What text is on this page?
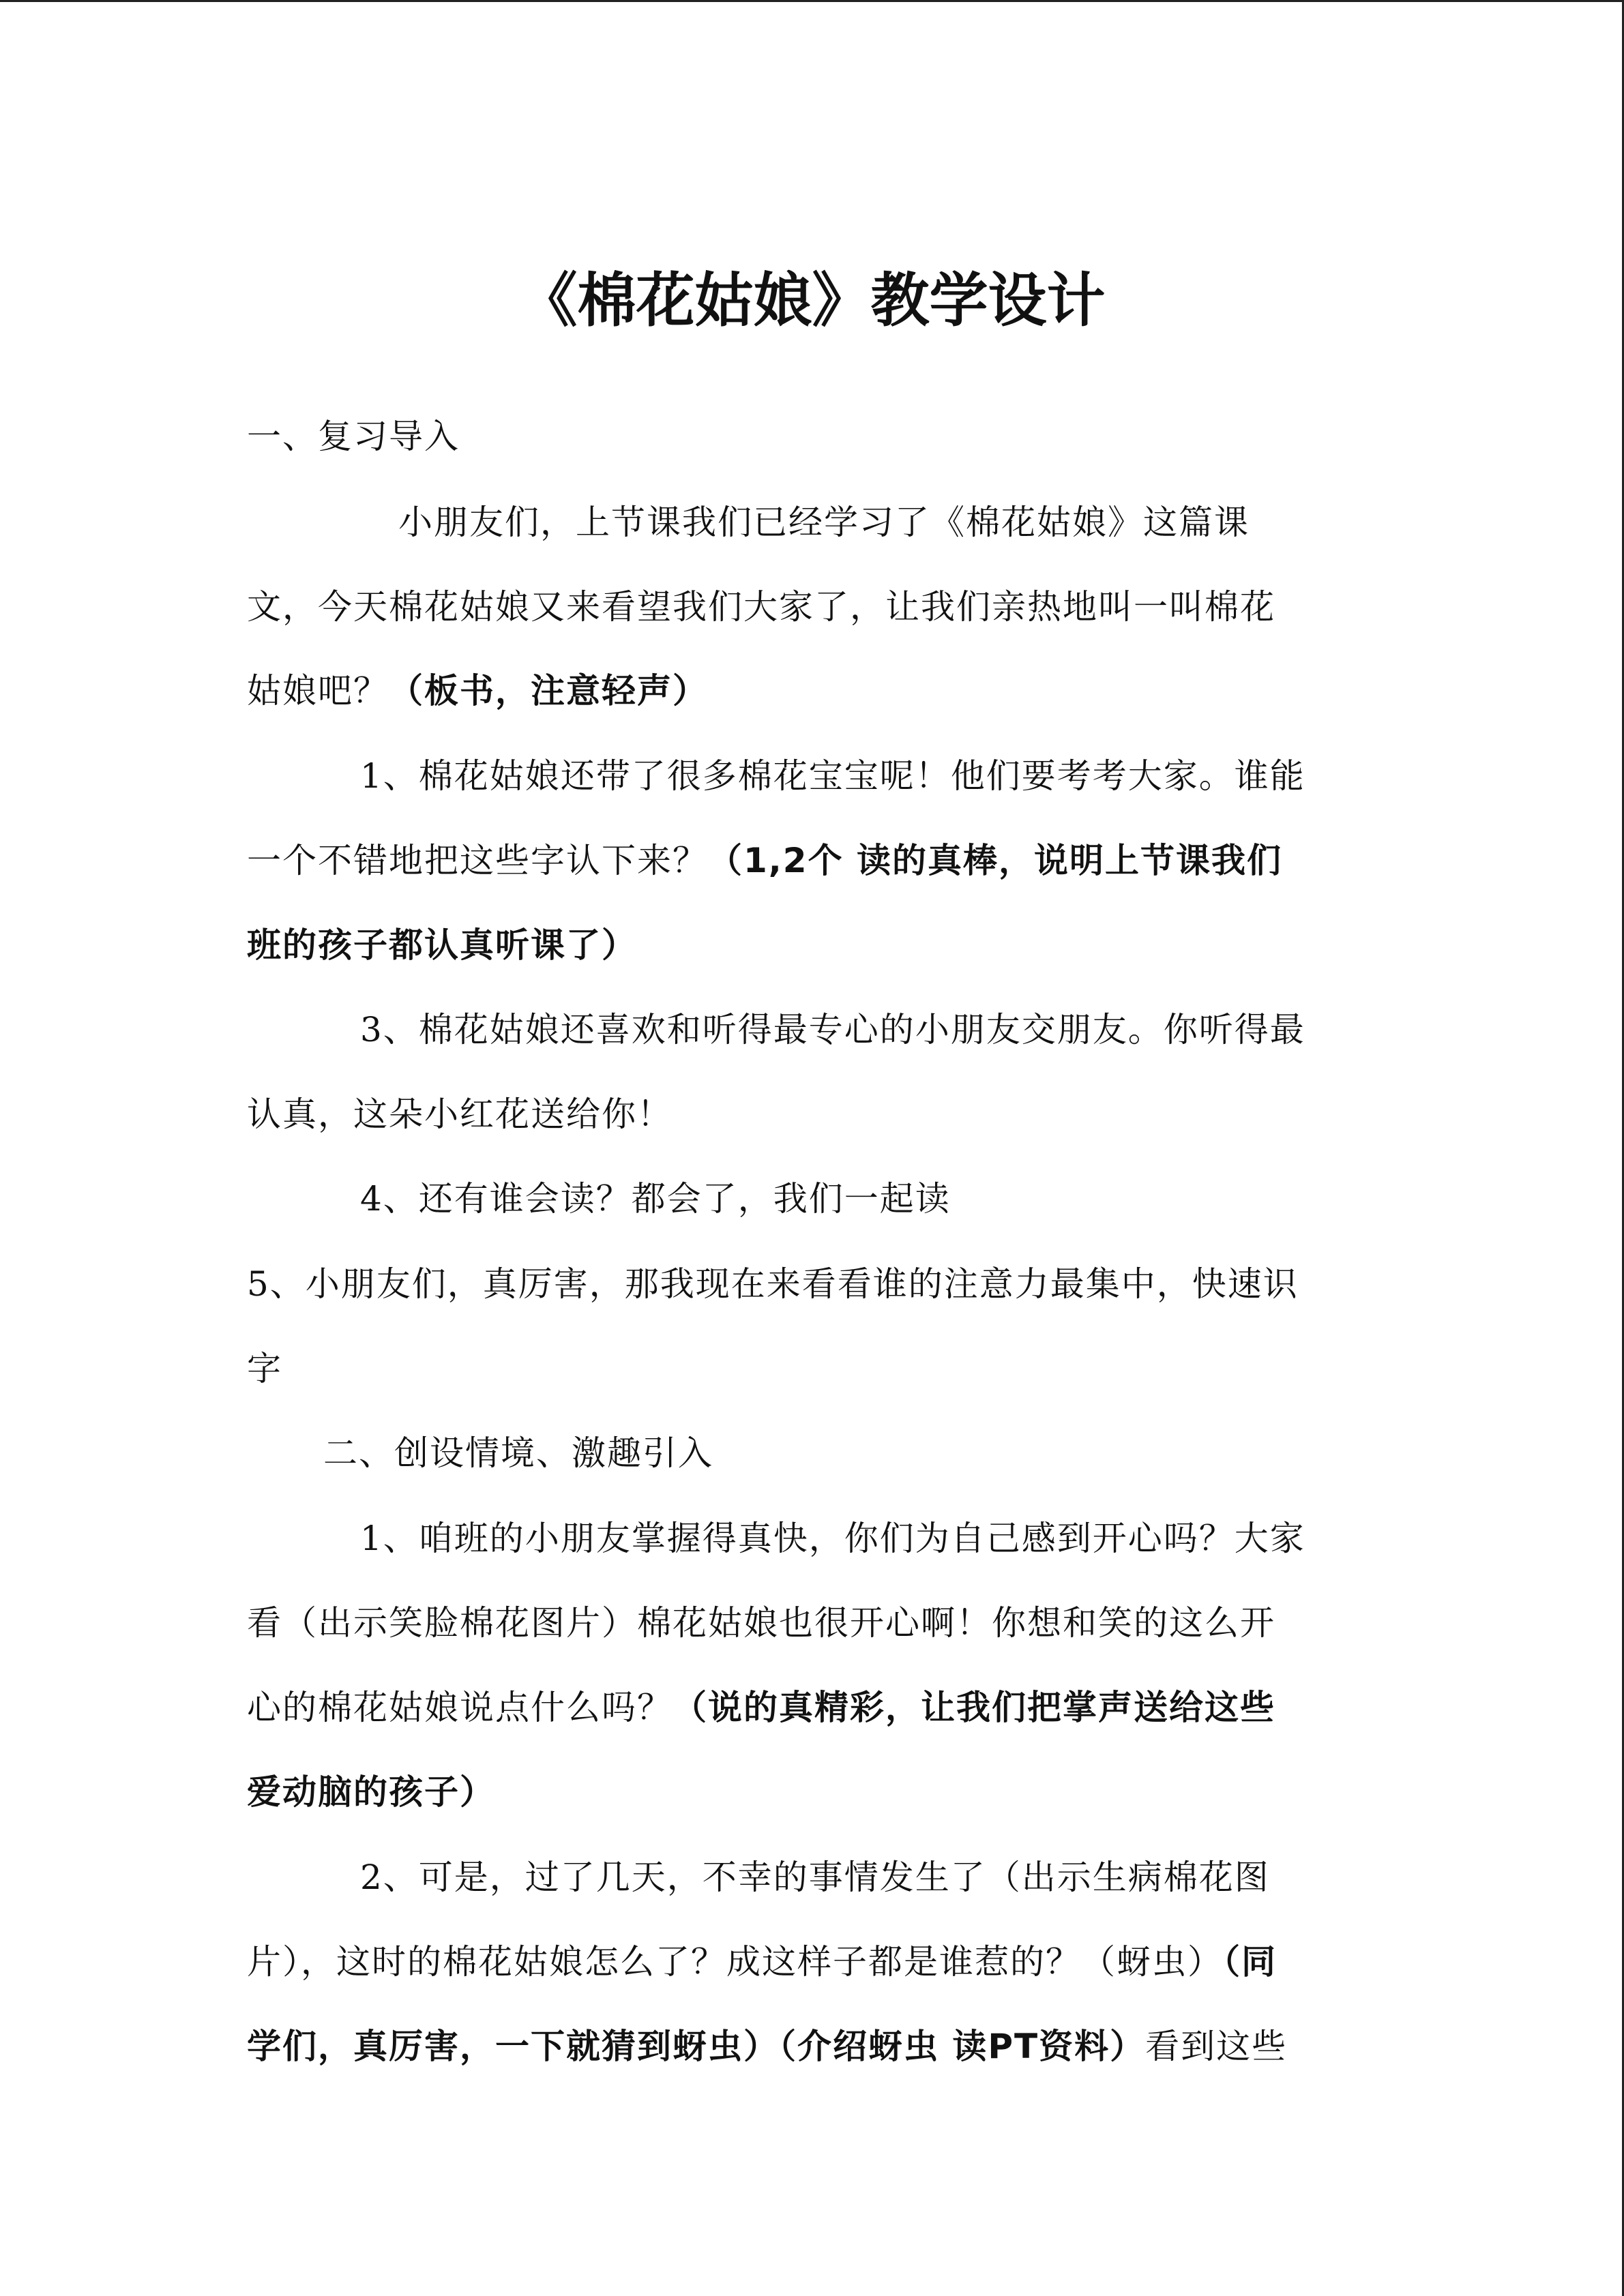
《棉花姑娘》教学设计

一、复习导入

小朋友们，上节课我们已经学习了《棉花姑娘》这篇课

文，今天棉花姑娘又来看望我们大家了，让我们亲热地叫一叫棉花

姑娘吧？（板书，注意轻声）

1、棉花姑娘还带了很多棉花宝宝呢！他们要考考大家。谁能

一个不错地把这些字认下来？（1,2个 读的真棒，说明上节课我们

班的孩子都认真听课了）

3、棉花姑娘还喜欢和听得最专心的小朋友交朋友。你听得最

认真，这朵小红花送给你！

4、还有谁会读？都会了，我们一起读

5、小朋友们，真厉害，那我现在来看看谁的注意力最集中，快速识

字

二、创设情境、激趣引入

1、咱班的小朋友掌握得真快，你们为自己感到开心吗？大家

看（出示笑脸棉花图片）棉花姑娘也很开心啊！你想和笑的这么开

心的棉花姑娘说点什么吗？（说的真精彩，让我们把掌声送给这些

爱动脑的孩子）

2、可是，过了几天，不幸的事情发生了（出示生病棉花图

片），这时的棉花姑娘怎么了？成这样子都是谁惹的？（蚜虫）（同

学们，真厉害，一下就猜到蚜虫）（介绍蚜虫 读PT资料）看到这些
